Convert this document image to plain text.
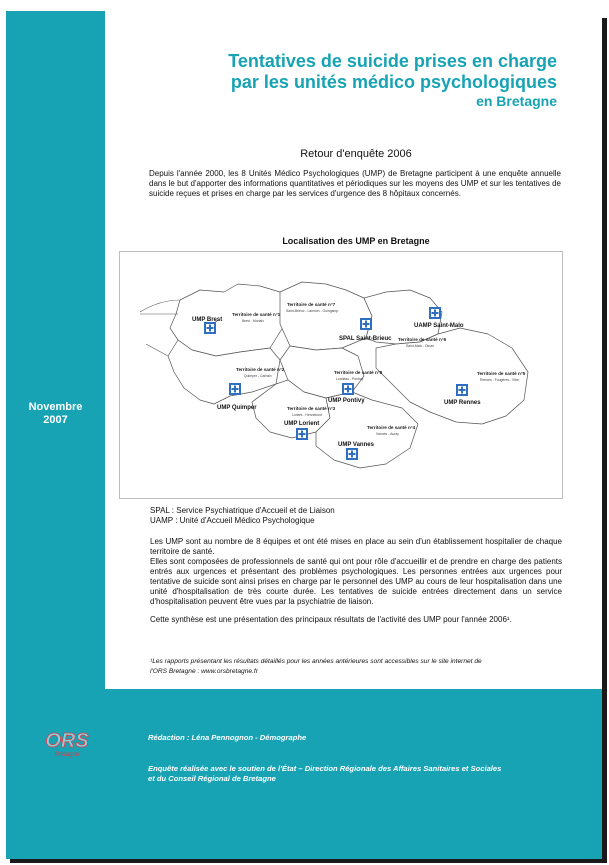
Novembre
2007
Tentatives de suicide prises en charge
par les unités médico psychologiques
en Bretagne
Retour d'enquête 2006

Depuis l'année 2000, les 8 Unités Médico Psychologiques (UMP) de Bretagne participent à une enquête annuelle dans le but d'apporter des informations quantitatives et périodiques sur les moyens des UMP et sur les tentatives de suicide reçues et prises en charge par les services d'urgence des 8 hôpitaux concernés.

Localisation des UMP en Bretagne
Territoire de santé n°1
Brest - Morlaix
Territoire de santé n°2
Quimper - Carhaix
Territoire de santé n°3
Lorient - Hennebont
Territoire de santé n°4
Vannes - Auray
Territoire de santé n°5
Rennes - Fougères - Vitré
Territoire de santé n°6
Saint-Malo - Dinan
Territoire de santé n°7
Saint-Brieuc - Lannion - Guingamp
Territoire de santé n°8
Loudéac - Pontivy
UMP Brest
SPAL Saint-Brieuc
UAMP Saint-Malo
UMP Quimper
UMP Pontivy	UMP Rennes
UMP Lorient
UMP Vannes
SPAL : Service Psychiatrique d'Accueil et de Liaison
UAMP : Unité d'Accueil Médico Psychologique

Les UMP sont au nombre de 8 équipes et ont été mises en place au sein d'un établissement hospitalier de chaque territoire de santé.
Elles sont composées de professionnels de santé qui ont pour rôle d'accueillir et de prendre en charge des patients entrés aux urgences et présentant des problèmes psychologiques. Les personnes entrées aux urgences pour tentative de suicide sont ainsi prises en charge par le personnel des UMP au cours de leur hospitalisation dans une unité d'hospitalisation de très courte durée. Les tentatives de suicide entrées directement dans un service d'hospitalisation peuvent être vues par la psychiatrie de liaison.

Cette synthèse est une présentation des principaux résultats de l'activité des UMP pour l'année 2006¹.

¹Les rapports présentant les résultats détaillés pour les années antérieures sont accessibles sur le site internet de

l'ORS Bretagne : www.orsbretagne.fr

ORS
Bretagne
Rédaction : Léna Pennognon - Démographe
Enquête réalisée avec le soutien de l'État – Direction Régionale des Affaires Sanitaires et Sociales
et du Conseil Régional de Bretagne
